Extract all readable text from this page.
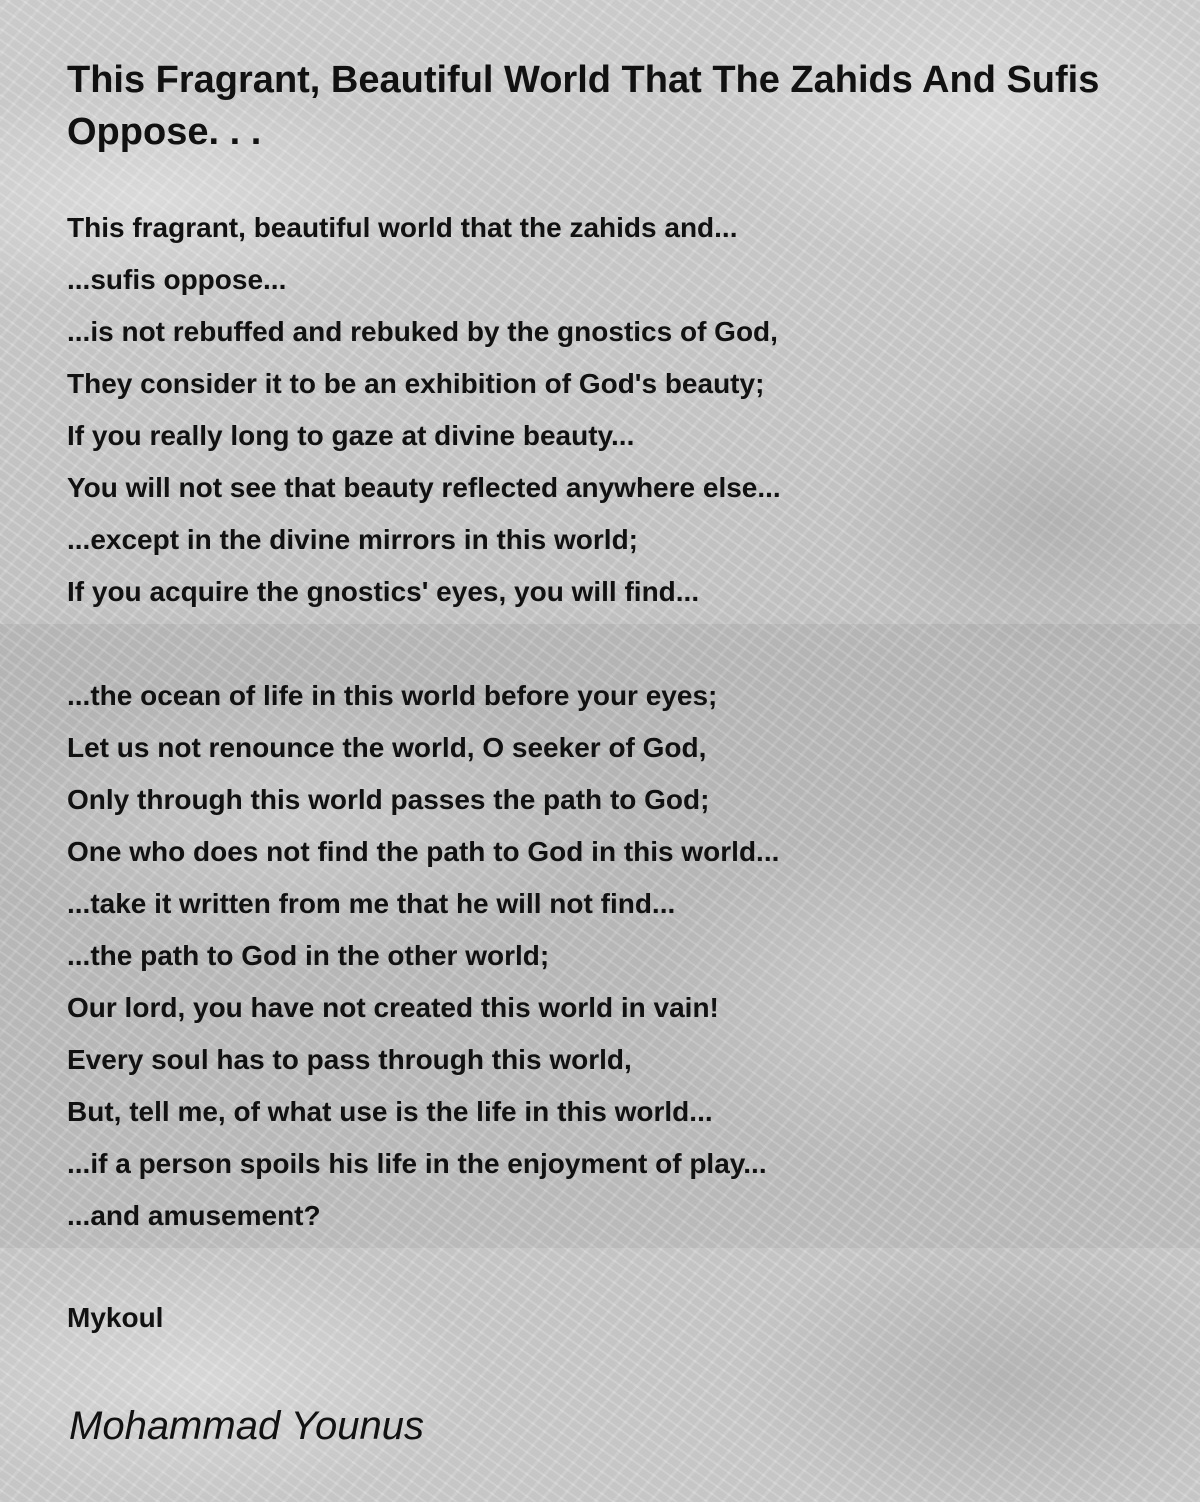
This Fragrant, Beautiful World That The Zahids And Sufis Oppose. . .
This fragrant, beautiful world that the zahids and...
...sufis oppose...
...is not rebuffed and rebuked by the gnostics of God,
They consider it to be an exhibition of God's beauty;
If you really long to gaze at divine beauty...
You will not see that beauty reflected anywhere else...
...except in the divine mirrors in this world;
If you acquire the gnostics' eyes, you will find...
...the ocean of life in this world before your eyes;
Let us not renounce the world, O seeker of God,
Only through this world passes the path to God;
One who does not find the path to God in this world...
...take it written from me that he will not find...
...the path to God in the other world;
Our lord, you have not created this world in vain!
Every soul has to pass through this world,
But, tell me, of what use is the life in this world...
...if a person spoils his life in the enjoyment of play...
...and amusement?
Mykoul
Mohammad Younus
